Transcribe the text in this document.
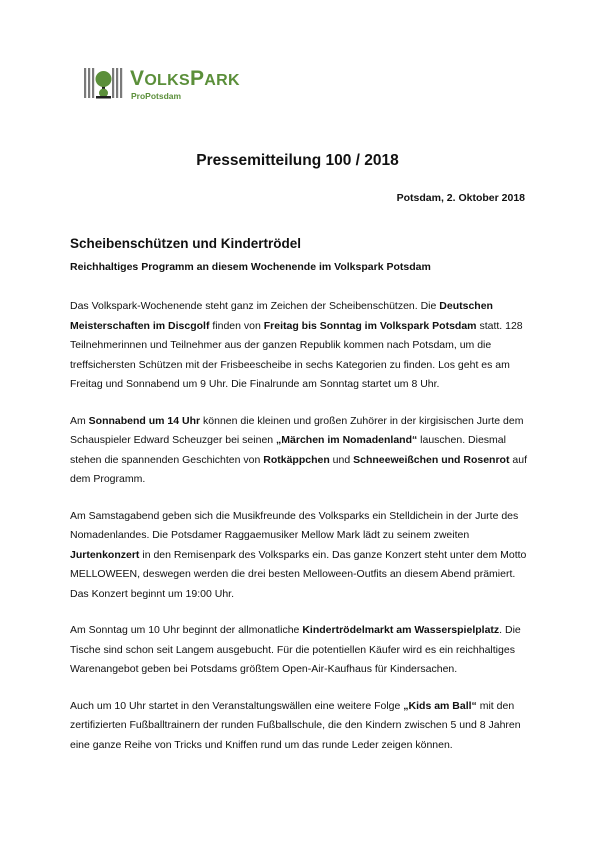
VOLKSPARK
ProPotsdam
Pressemitteilung 100 / 2018
Potsdam, 2. Oktober 2018
Scheibenschützen und Kindertrödel
Reichhaltiges Programm an diesem Wochenende im Volkspark Potsdam

Das Volkspark-Wochenende steht ganz im Zeichen der Scheibenschützen. Die Deutschen Meisterschaften im Discgolf finden von Freitag bis Sonntag im Volkspark Potsdam statt. 128 Teilnehmerinnen und Teilnehmer aus der ganzen Republik kommen nach Potsdam, um die treffsichersten Schützen mit der Frisbeescheibe in sechs Kategorien zu finden. Los geht es am Freitag und Sonnabend um 9 Uhr. Die Finalrunde am Sonntag startet um 8 Uhr.

Am Sonnabend um 14 Uhr können die kleinen und großen Zuhörer in der kirgisischen Jurte dem Schauspieler Edward Scheuzger bei seinen „Märchen im Nomadenland“ lauschen. Diesmal stehen die spannenden Geschichten von Rotkäppchen und Schneeweißchen und Rosenrot auf dem Programm.

Am Samstagabend geben sich die Musikfreunde des Volksparks ein Stelldichein in der Jurte des Nomadenlandes. Die Potsdamer Raggaemusiker Mellow Mark lädt zu seinem zweiten Jurtenkonzert in den Remisenpark des Volksparks ein. Das ganze Konzert steht unter dem Motto MELLOWEEN, deswegen werden die drei besten Melloween-Outfits an diesem Abend prämiert. Das Konzert beginnt um 19:00 Uhr.

Am Sonntag um 10 Uhr beginnt der allmonatliche Kindertrödelmarkt am Wasserspielplatz. Die Tische sind schon seit Langem ausgebucht. Für die potentiellen Käufer wird es ein reichhaltiges Warenangebot geben bei Potsdams größtem Open-Air-Kaufhaus für Kindersachen.

Auch um 10 Uhr startet in den Veranstaltungswällen eine weitere Folge „Kids am Ball“ mit den zertifizierten Fußballtrainern der runden Fußballschule, die den Kindern zwischen 5 und 8 Jahren eine ganze Reihe von Tricks und Kniffen rund um das runde Leder zeigen können.
